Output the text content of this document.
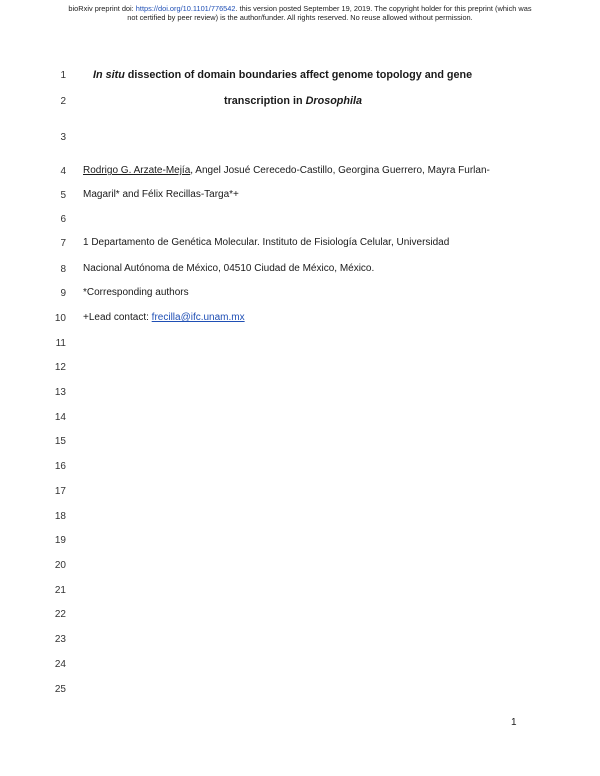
bioRxiv preprint doi: https://doi.org/10.1101/776542. this version posted September 19, 2019. The copyright holder for this preprint (which was
not certified by peer review) is the author/funder. All rights reserved. No reuse allowed without permission.
1
2
3
4
5
6
7
8
9
10
11
12
13
14
15
16
17
18
19
20
21
22
23
24
25
In situ dissection of domain boundaries affect genome topology and gene
transcription in Drosophila
Rodrigo G. Arzate-Mejía, Angel Josué Cerecedo-Castillo, Georgina Guerrero, Mayra Furlan-
Magaril* and Félix Recillas-Targa*+
1 Departamento de Genética Molecular. Instituto de Fisiología Celular, Universidad
Nacional Autónoma de México, 04510 Ciudad de México, México.
*Corresponding authors
+Lead contact: frecilla@ifc.unam.mx
1
